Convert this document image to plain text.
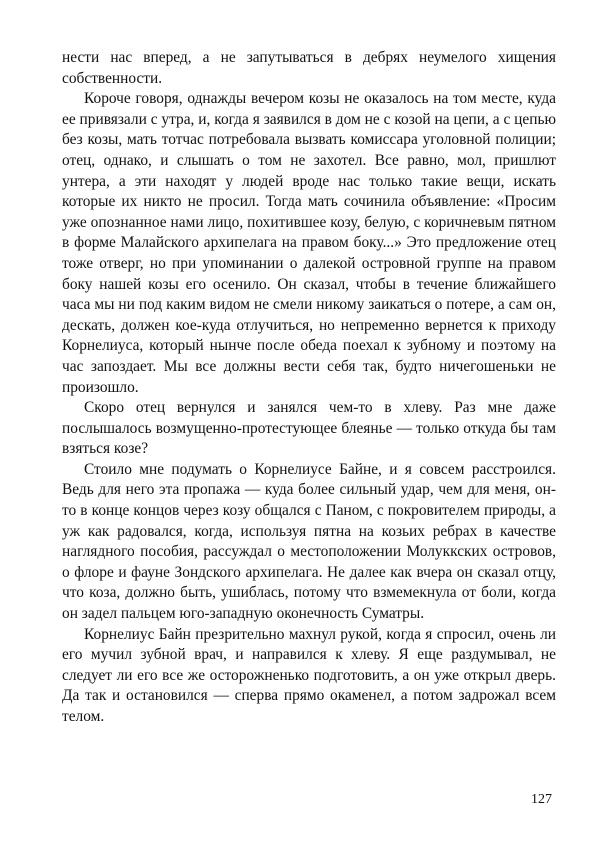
нести нас вперед, а не запутываться в дебрях неумелого хищения собственности.

Короче говоря, однажды вечером козы не оказалось на том месте, куда ее привязали с утра, и, когда я заявился в дом не с козой на цепи, а с цепью без козы, мать тотчас потребовала вызвать комиссара уголовной полиции; отец, однако, и слышать о том не захотел. Все равно, мол, пришлют унтера, а эти находят у людей вроде нас только такие вещи, искать которые их никто не просил. Тогда мать сочинила объявление: «Просим уже опознанное нами лицо, похитившее козу, белую, с коричневым пятном в форме Малайского архипелага на правом боку...» Это предложение отец тоже отверг, но при упоминании о далекой островной группе на правом боку нашей козы его осенило. Он сказал, чтобы в течение ближайшего часа мы ни под каким видом не смели никому заикаться о потере, а сам он, дескать, должен кое-куда отлучиться, но непременно вернется к приходу Корнелиуса, который нынче после обеда поехал к зубному и поэтому на час запоздает. Мы все должны вести себя так, будто ничегошеньки не произошло.

Скоро отец вернулся и занялся чем-то в хлеву. Раз мне даже послышалось возмущенно-протестующее блеянье — только откуда бы там взяться козе?

Стоило мне подумать о Корнелиусе Байне, и я совсем расстроился. Ведь для него эта пропажа — куда более сильный удар, чем для меня, он-то в конце концов через козу общался с Паном, с покровителем природы, а уж как радовался, когда, используя пятна на козьих ребрах в качестве наглядного пособия, рассуждал о местоположении Молуккских островов, о флоре и фауне Зондского архипелага. Не далее как вчера он сказал отцу, что коза, должно быть, ушиблась, потому что взмемекнула от боли, когда он задел пальцем юго-западную оконечность Суматры.

Корнелиус Байн презрительно махнул рукой, когда я спросил, очень ли его мучил зубной врач, и направился к хлеву. Я еще раздумывал, не следует ли его все же осторожненько подготовить, а он уже открыл дверь. Да так и остановился — сперва прямо окаменел, а потом задрожал всем телом.

127
